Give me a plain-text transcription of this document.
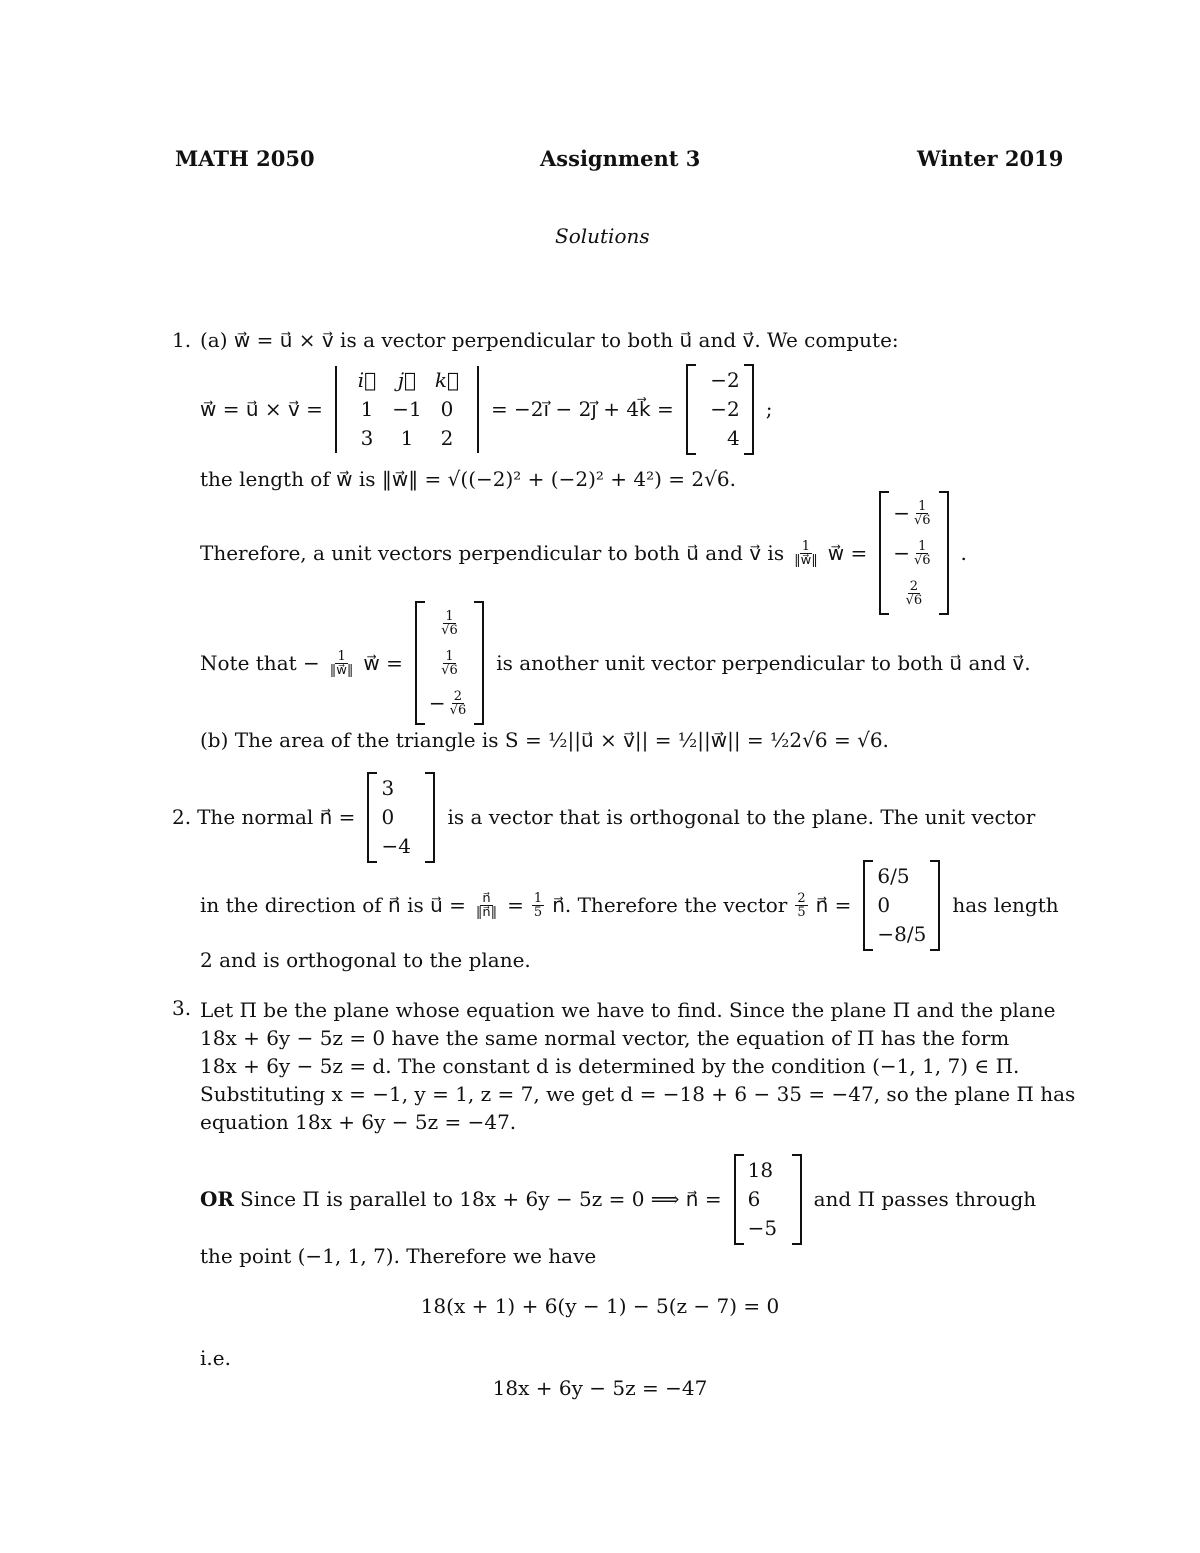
MATH 2050	Assignment 3	Winter 2019
Solutions
1. (a) w⃗ = u⃗ × v⃗ is a vector perpendicular to both u⃗ and v⃗. We compute:
w⃗ = u⃗ × v⃗ =
i⃗	j⃗ k⃗
1 −1 0
3	1	2
= −2i⃗ − 2j⃗ + 4k⃗ =
−2
−2
4
;
the length of w⃗ is ‖w⃗‖ = √((−2)² + (−2)² + 4²) = 2√6.
Therefore, a unit vectors perpendicular to both u⃗ and v⃗ is $\frac{1}{‖w⃗‖}$ w⃗ =
− $\frac{1}{√6}$
− $\frac{1}{√6}$
$\frac{2}{√6}$
.
Note that − $\frac{1}{‖w⃗‖}$ w⃗ =
$\frac{1}{√6}$
$\frac{1}{√6}$
− $\frac{2}{√6}$
is another unit vector perpendicular to both u⃗ and v⃗.
(b) The area of the triangle is S = ½||u⃗ × v⃗|| = ½||w⃗|| = ½2√6 = √6.
2. The normal n⃗ =
3
0
−4
is a vector that is orthogonal to the plane. The unit vector
in the direction of n⃗ is u⃗ = $\frac{n⃗}{‖n⃗‖} = \frac{1}{5}$ n⃗. Therefore the vector $\frac{2}{5}$ n⃗ =
6/5
0
−8/5
has length
2 and is orthogonal to the plane.
3. Let Π be the plane whose equation we have to find. Since the plane Π and the plane
18x + 6y − 5z = 0 have the same normal vector, the equation of Π has the form
18x + 6y − 5z = d. The constant d is determined by the condition (−1, 1, 7) ∈ Π.
Substituting x = −1, y = 1, z = 7, we get d = −18 + 6 − 35 = −47, so the plane Π has
equation 18x + 6y − 5z = −47.
OR Since Π is parallel to 18x + 6y − 5z = 0 ⟹ n⃗ =
18
6
−5
and Π passes through
the point (−1, 1, 7). Therefore we have
18(x + 1) + 6(y − 1) − 5(z − 7) = 0
i.e.
18x + 6y − 5z = −47
